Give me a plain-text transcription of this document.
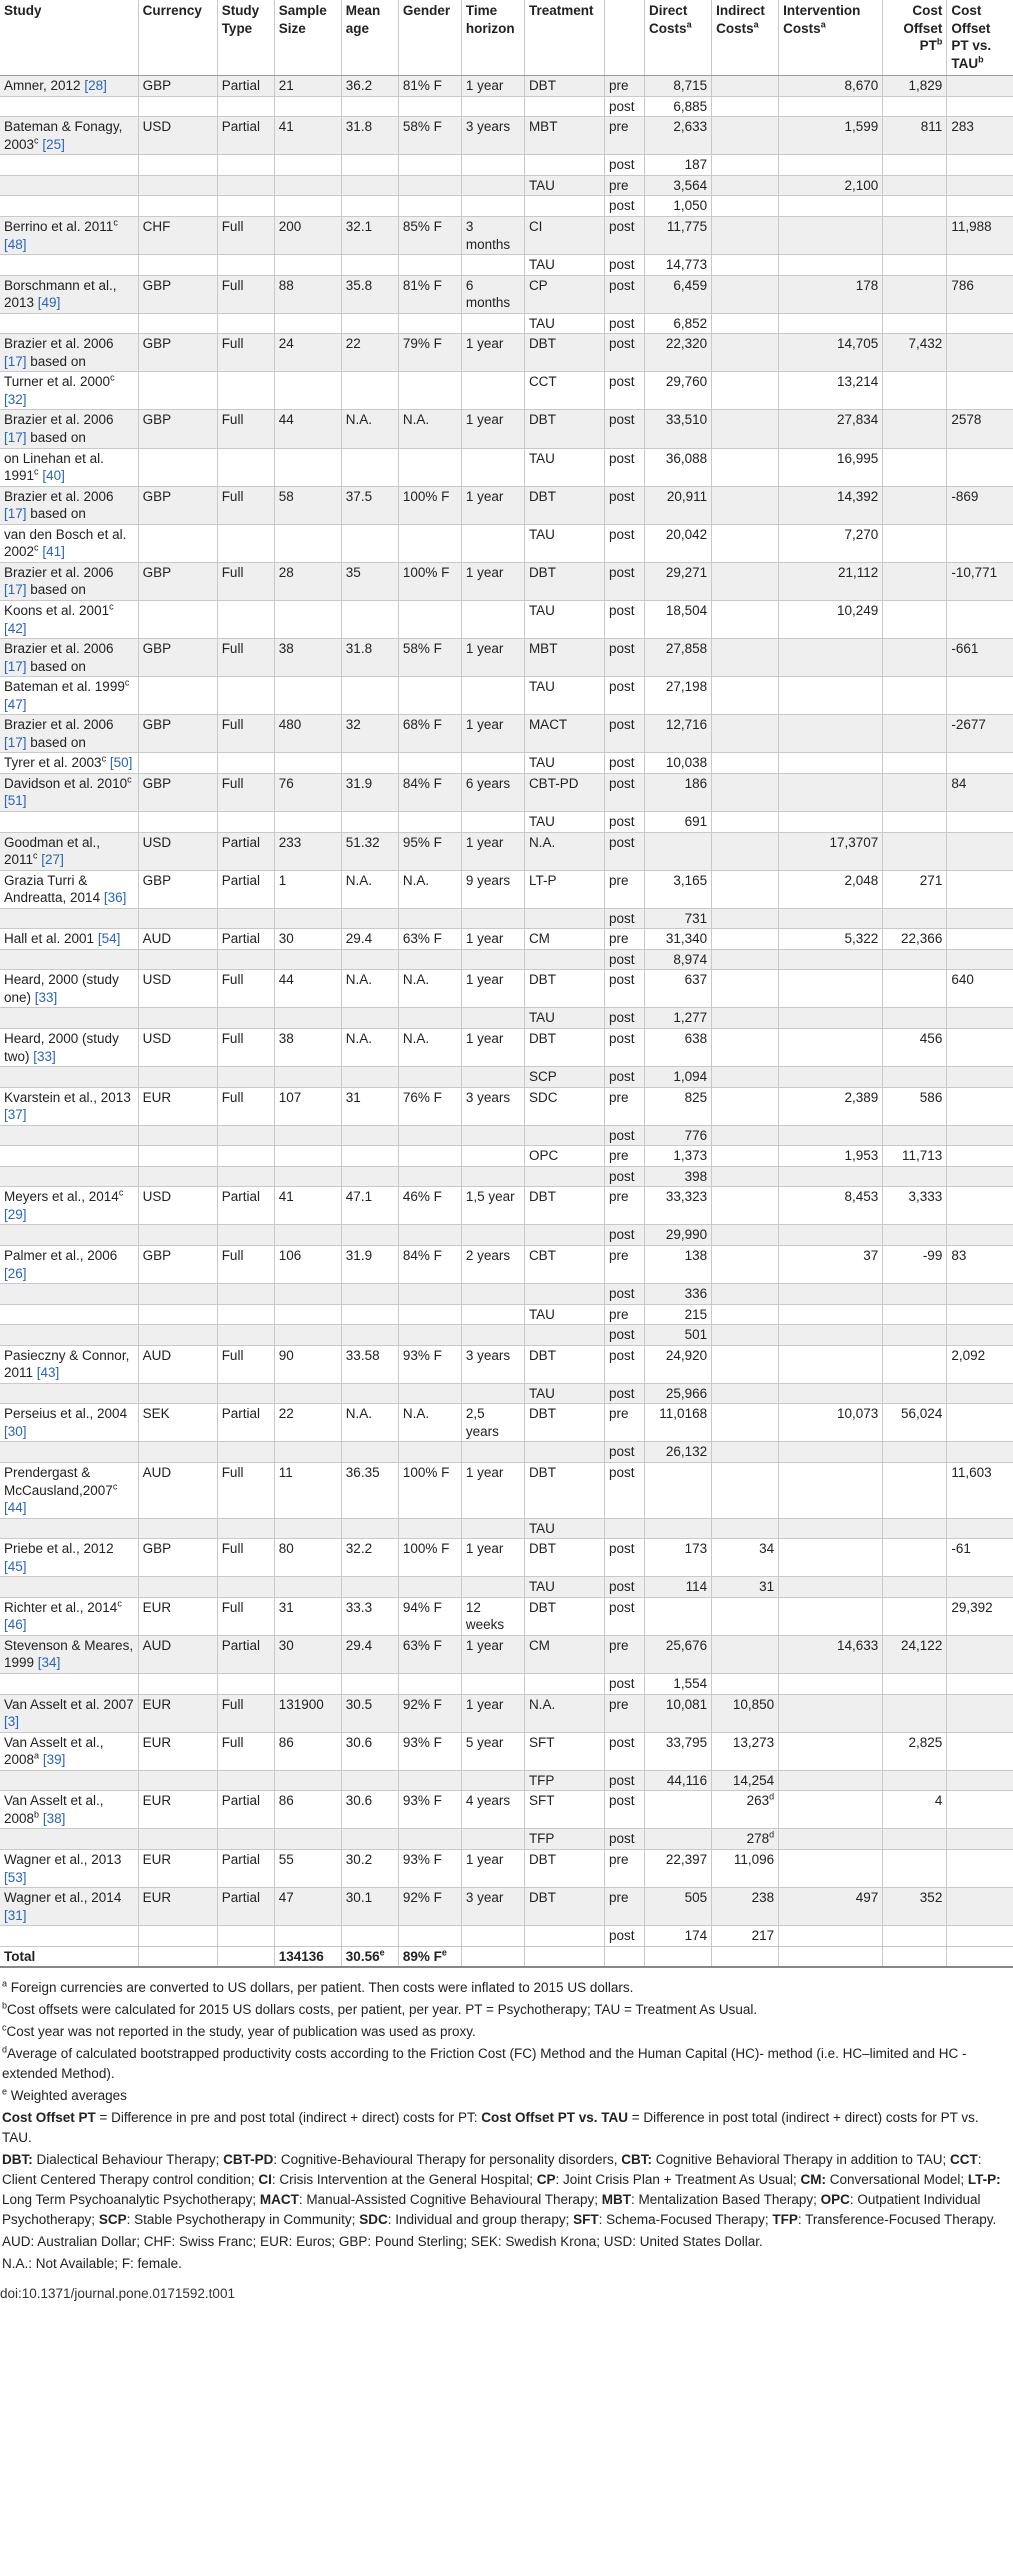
Study	Currency	Study Type	Sample Size	Mean age	Gender	Time horizon	Treatment		Direct Costs$^a$	Indirect Costs$^a$	Intervention Costs$^a$	Cost Offset $PT^b$	Cost Offset PT vs. TAU$^b$
Amner, 2012 [28]	GBP	Partial	21	36.2	81% F	1 year	DBT	pre	8,715		8,670	1,829	
								post	6,885				
Bateman & Fonagy, 2003$^c$ [25]	USD	Partial	41	31.8	58% F	3 years	MBT	pre	2,633		1,599	811	283
								post	187				
							TAU	pre	3,564		2,100		
								post	1,050				
Berrino et al. 2011$^c$ [48]	CHF	Full	200	32.1	85% F	3 months	CI	post	11,775				11,988
							TAU	post	14,773				
Borschmann et al., 2013 [49]	GBP	Full	88	35.8	81% F	6 months	CP	post	6,459		178		786
							TAU	post	6,852				
Brazier et al. 2006 [17] based on	GBP	Full	24	22	79% F	1 year	DBT	post	22,320		14,705	7,432	
Turner et al. 2000$^c$ [32]							CCT	post	29,760		13,214		
Brazier et al. 2006 [17] based on	GBP	Full	44	N.A.	N.A.	1 year	DBT	post	33,510		27,834		2578
on Linehan et al. 1991$^c$ [40]							TAU	post	36,088		16,995		
Brazier et al. 2006 [17] based on	GBP	Full	58	37.5	100% F	1 year	DBT	post	20,911		14,392		-869
van den Bosch et al. 2002$^c$ [41]							TAU	post	20,042		7,270		
Brazier et al. 2006 [17] based on	GBP	Full	28	35	100% F	1 year	DBT	post	29,271		21,112		-10,771
Koons et al. 2001$^c$ [42]							TAU	post	18,504		10,249		
Brazier et al. 2006 [17] based on	GBP	Full	38	31.8	58% F	1 year	MBT	post	27,858				-661
Bateman et al. 1999$^c$ [47]							TAU	post	27,198				
Brazier et al. 2006 [17] based on	GBP	Full	480	32	68% F	1 year	MACT	post	12,716				-2677
Tyrer et al. 2003$^c$ [50]							TAU	post	10,038				
Davidson et al. 2010$^c$ [51]	GBP	Full	76	31.9	84% F	6 years	CBT-PD	post	186				84
							TAU	post	691				
Goodman et al., 2011$^c$ [27]	USD	Partial	233	51.32	95% F	1 year	N.A.	post			17,3707		
Grazia Turri & Andreatta, 2014 [36]	GBP	Partial	1	N.A.	N.A.	9 years	LT-P	pre	3,165		2,048	271	
								post	731				
Hall et al. 2001 [54]	AUD	Partial	30	29.4	63% F	1 year	CM	pre	31,340		5,322	22,366	
								post	8,974				
Heard, 2000 (study one) [33]	USD	Full	44	N.A.	N.A.	1 year	DBT	post	637				640
							TAU	post	1,277				
Heard, 2000 (study two) [33]	USD	Full	38	N.A.	N.A.	1 year	DBT	post	638			456	
							SCP	post	1,094				
Kvarstein et al., 2013 [37]	EUR	Full	107	31	76% F	3 years	SDC	pre	825		2,389	586	
								post	776				
							OPC	pre	1,373		1,953	11,713	
								post	398				
Meyers et al., 2014$^c$ [29]	USD	Partial	41	47.1	46% F	1,5 year	DBT	pre	33,323		8,453	3,333	
								post	29,990				
Palmer et al., 2006 [26]	GBP	Full	106	31.9	84% F	2 years	CBT	pre	138		37	-99	83
								post	336				
							TAU	pre	215				
								post	501				
Pasieczny & Connor, 2011 [43]	AUD	Full	90	33.58	93% F	3 years	DBT	post	24,920				2,092
							TAU	post	25,966				
Perseius et al., 2004 [30]	SEK	Partial	22	N.A.	N.A.	2,5 years	DBT	pre	11,0168		10,073	56,024	
								post	26,132				
Prendergast & McCausland,2007$^c$ [44]	AUD	Full	11	36.35	100% F	1 year	DBT	post					11,603
							TAU						
Priebe et al., 2012 [45]	GBP	Full	80	32.2	100% F	1 year	DBT	post	173	34			-61
							TAU	post	114	31			
Richter et al., 2014$^c$ [46]	EUR	Full	31	33.3	94% F	12 weeks	DBT	post					29,392
Stevenson & Meares, 1999 [34]	AUD	Partial	30	29.4	63% F	1 year	CM	pre	25,676		14,633	24,122	
								post	1,554				
Van Asselt et al. 2007 [3]	EUR	Full	131900	30.5	92% F	1 year	N.A.	pre	10,081	10,850			
Van Asselt et al., 2008$^a$ [39]	EUR	Full	86	30.6	93% F	5 year	SFT	post	33,795	13,273		2,825	
							TFP	post	44,116	14,254			
Van Asselt et al., 2008$^b$ [38]	EUR	Partial	86	30.6	93% F	4 years	SFT	post		263$^d$		4	
							TFP	post		278$^d$			
Wagner et al., 2013 [53]	EUR	Partial	55	30.2	93% F	1 year	DBT	pre	22,397	11,096			
Wagner et al., 2014 [31]	EUR	Partial	47	30.1	92% F	3 year	DBT	pre	505	238	497	352	
								post	174	217			
Total			134136	30.56e	89% $F^e$								

$^a$ Foreign currencies are converted to US dollars, per patient. Then costs were inflated to 2015 US dollars.

$^b$Cost offsets were calculated for 2015 US dollars costs, per patient, per year. PT = Psychotherapy; TAU = Treatment As Usual.

$^c$Cost year was not reported in the study, year of publication was used as proxy.

$^d$Average of calculated bootstrapped productivity costs according to the Friction Cost (FC) Method and the Human Capital (HC)- method (i.e. HC–limited and HC -extended Method).

$^e$ Weighted averages

Cost Offset PT = Difference in pre and post total (indirect + direct) costs for PT: Cost Offset PT vs. TAU = Difference in post total (indirect + direct) costs for PT vs. TAU.

DBT: Dialectical Behaviour Therapy; CBT-PD: Cognitive-Behavioural Therapy for personality disorders, CBT: Cognitive Behavioral Therapy in addition to TAU; CCT: Client Centered Therapy control condition; CI: Crisis Intervention at the General Hospital; CP: Joint Crisis Plan + Treatment As Usual; CM: Conversational Model; LT-P: Long Term Psychoanalytic Psychotherapy; MACT: Manual-Assisted Cognitive Behavioural Therapy; MBT: Mentalization Based Therapy; OPC: Outpatient Individual Psychotherapy; SCP: Stable Psychotherapy in Community; SDC: Individual and group therapy; SFT: Schema-Focused Therapy; TFP: Transference-Focused Therapy.

AUD: Australian Dollar; CHF: Swiss Franc; EUR: Euros; GBP: Pound Sterling; SEK: Swedish Krona; USD: United States Dollar.

N.A.: Not Available; F: female.

doi:10.1371/journal.pone.0171592.t001
